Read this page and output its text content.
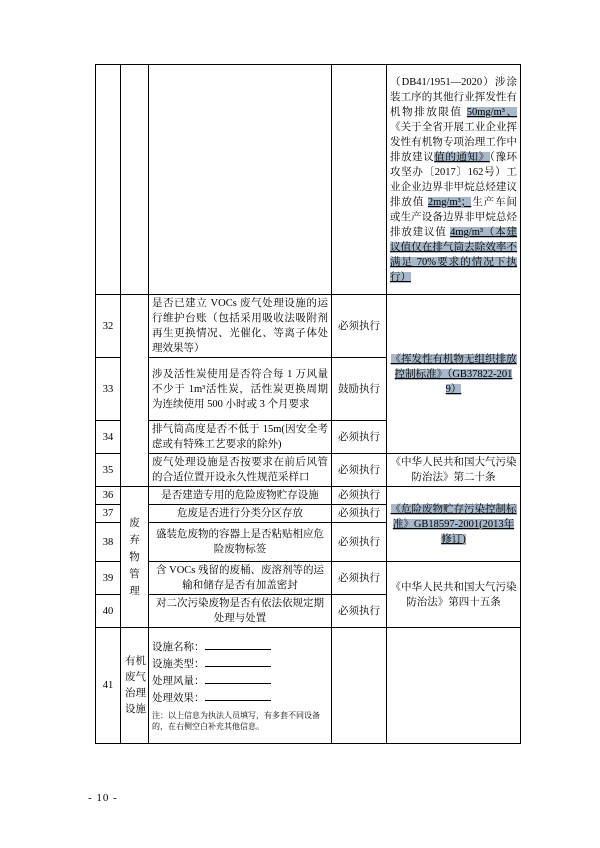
				（DB41/1951—2020）涉涂装工序的其他行业挥发性有机物排放限值 50mg/m³、《关于全省开展工业企业挥发性有机物专项治理工作中排放建议值的通知》（豫环攻坚办〔2017〕162号）工业企业边界非甲烷总烃建议排放值 2mg/m³；生产车间或生产设备边界非甲烷总烃排放建议值 4mg/m³（本建议值仅在排气筒去除效率不满足 70%要求的情况下执行）
32		是否已建立 VOCs 废气处理设施的运行维护台账（包括采用吸收法吸附剂再生更换情况、光催化、等离子体处理效果等）	必须执行	《挥发性有机物无组织排放控制标准》（GB37822-2019）
33		涉及活性炭使用是否符合每 1 万风量不少于 1m³活性炭，活性炭更换周期为连续使用 500 小时或 3 个月要求	鼓励执行	
34		排气筒高度是否不低于 15m(因安全考虑或有特殊工艺要求的除外)	必须执行	
35		废气处理设施是否按要求在前后风管的合适位置开设永久性规范采样口	必须执行	《中华人民共和国大气污染防治法》第二十条
36	废弃物管理	是否建造专用的危险废物贮存设施	必须执行	《危险废物贮存污染控制标准》GB18597-2001(2013年修订)
37		危废是否进行分类分区存放	必须执行	
38		盛装危废物的容器上是否粘贴相应危险废物标签	必须执行	
39		含 VOCs 残留的废桶、废溶剂等的运输和储存是否有加盖密封	必须执行	《中华人民共和国大气污染防治法》第四十五条
40		对二次污染废物是否有依法依规定期处理与处置	必须执行	
41	有机废气治理设施	设施名称：
设施类型：
处理风量：
处理效果：
注：以上信息为执法人员填写，有多套不同设备的，在右侧空白补充其他信息。		

- 10 -
